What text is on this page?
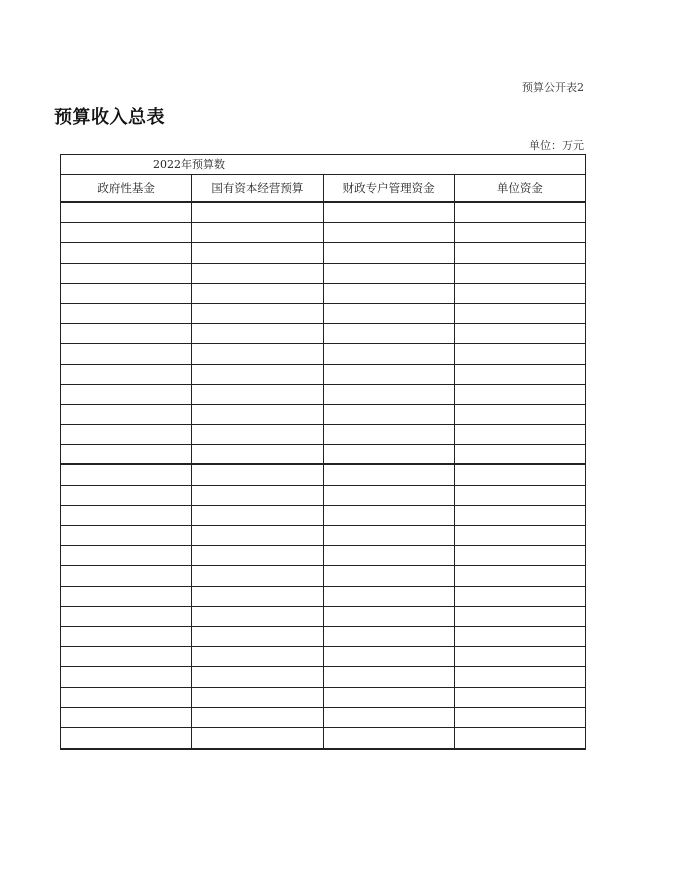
预算公开表2
预算收入总表
单位：万元
2022年预算数
政府性基金	国有资本经营预算	财政专户管理资金	单位资金
